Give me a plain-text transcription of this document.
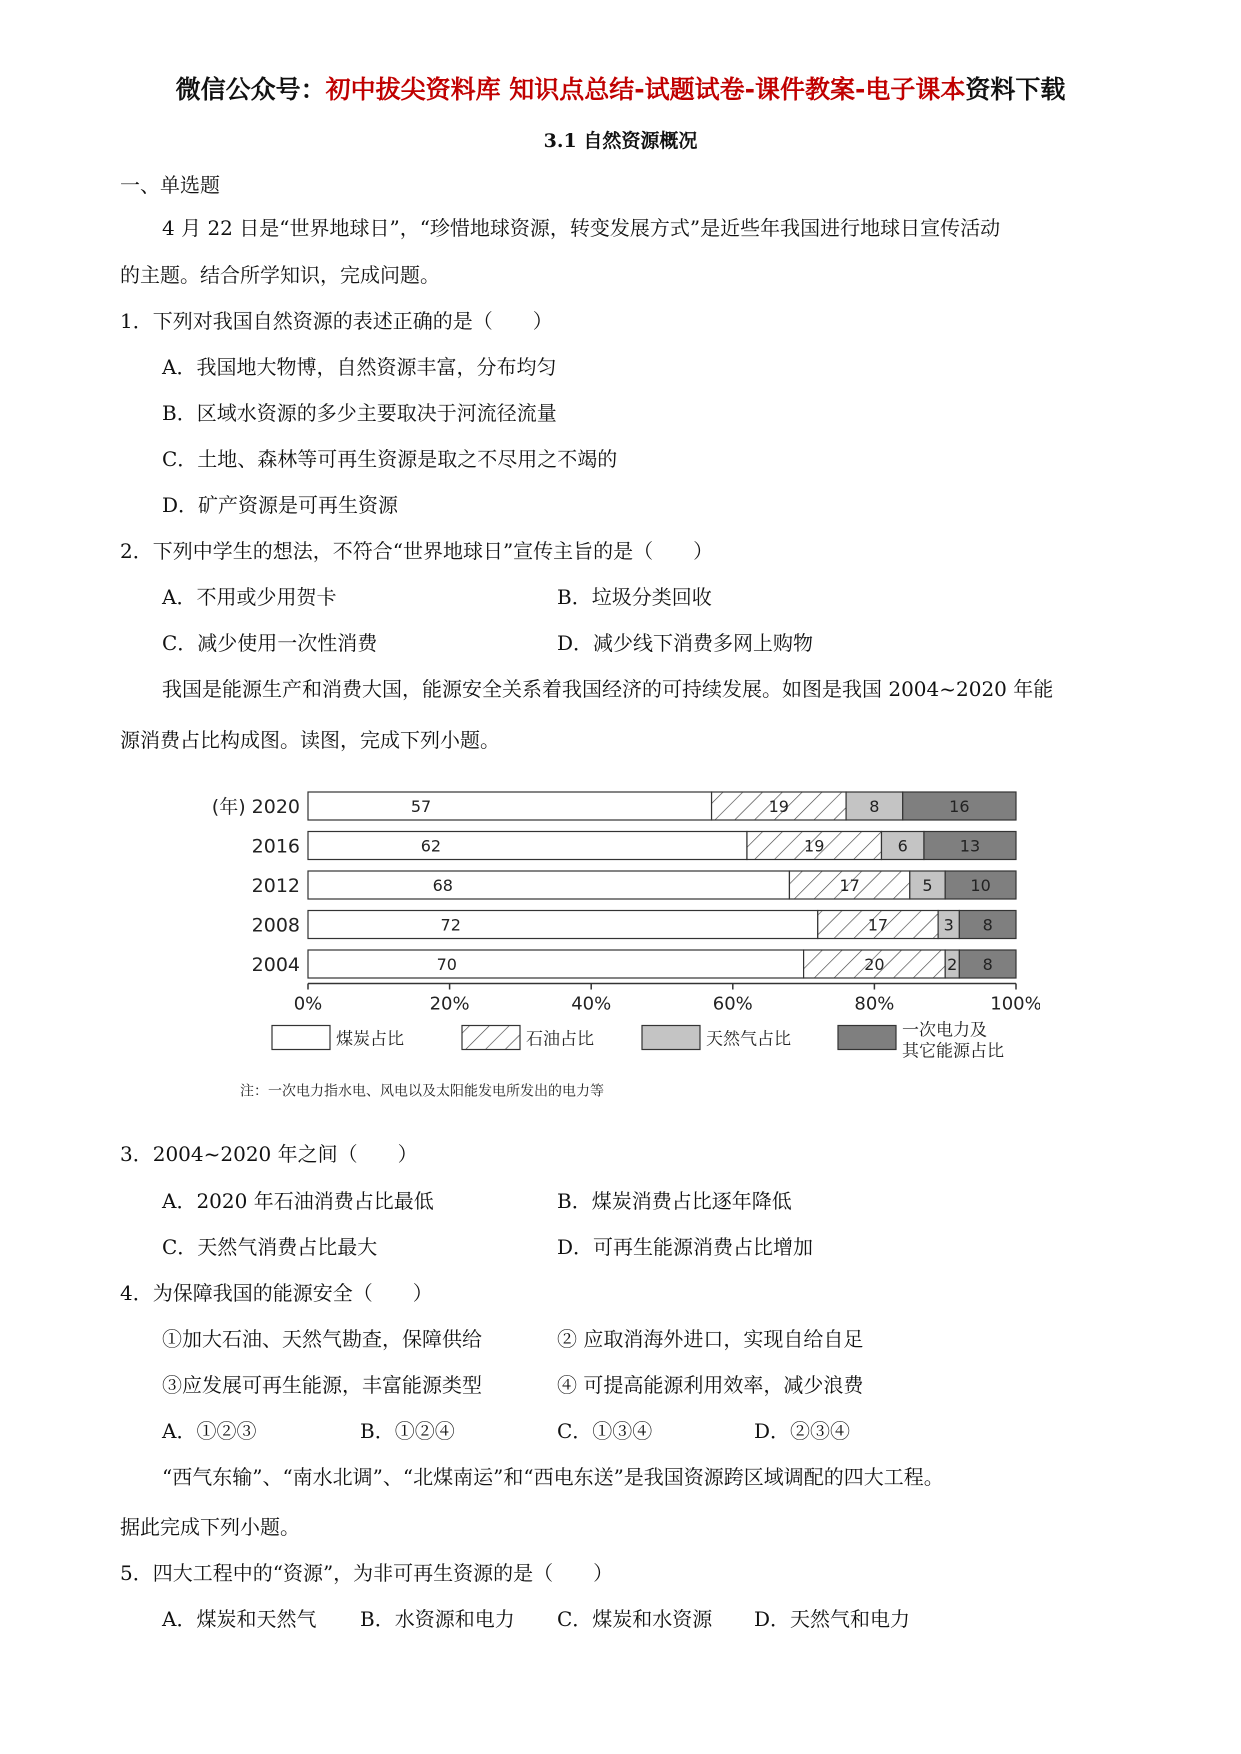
微信公众号：初中拔尖资料库 知识点总结-试题试卷-课件教案-电子课本资料下载
3.1 自然资源概况
一、单选题
4 月 22 日是“世界地球日”，“珍惜地球资源，转变发展方式”是近些年我国进行地球日宣传活动
的主题。结合所学知识，完成问题。
1．下列对我国自然资源的表述正确的是（　　）
A．我国地大物博，自然资源丰富，分布均匀
B．区域水资源的多少主要取决于河流径流量
C．土地、森林等可再生资源是取之不尽用之不竭的
D．矿产资源是可再生资源
2．下列中学生的想法，不符合“世界地球日”宣传主旨的是（　　）
A．不用或少用贺卡	B．垃圾分类回收
C．减少使用一次性消费	D．减少线下消费多网上购物
我国是能源生产和消费大国，能源安全关系着我国经济的可持续发展。如图是我国 2004~2020 年能
源消费占比构成图。读图，完成下列小题。
57	19	8	16
62	19	6	13
68	17	5 10
72	17	3 8
70	20	2 8
(年) 2020
2016
2012
2008
2004
0%	20%	40%	60%	80%	100%
煤炭占比	石油占比	天然气占比	一次电力及
其它能源占比
注：一次电力指水电、风电以及太阳能发电所发出的电力等
3．2004~2020 年之间（　　）
A．2020 年石油消费占比最低	B．煤炭消费占比逐年降低
C．天然气消费占比最大	D．可再生能源消费占比增加
4．为保障我国的能源安全（　　）
①加大石油、天然气勘查，保障供给	② 应取消海外进口，实现自给自足
③应发展可再生能源，丰富能源类型	④ 可提高能源利用效率，减少浪费
A．①②③	B．①②④	C．①③④	D．②③④
“西气东输”、“南水北调”、“北煤南运”和“西电东送”是我国资源跨区域调配的四大工程。
据此完成下列小题。
5．四大工程中的“资源”，为非可再生资源的是（　　）
A．煤炭和天然气 B．水资源和电力 C．煤炭和水资源 D．天然气和电力
